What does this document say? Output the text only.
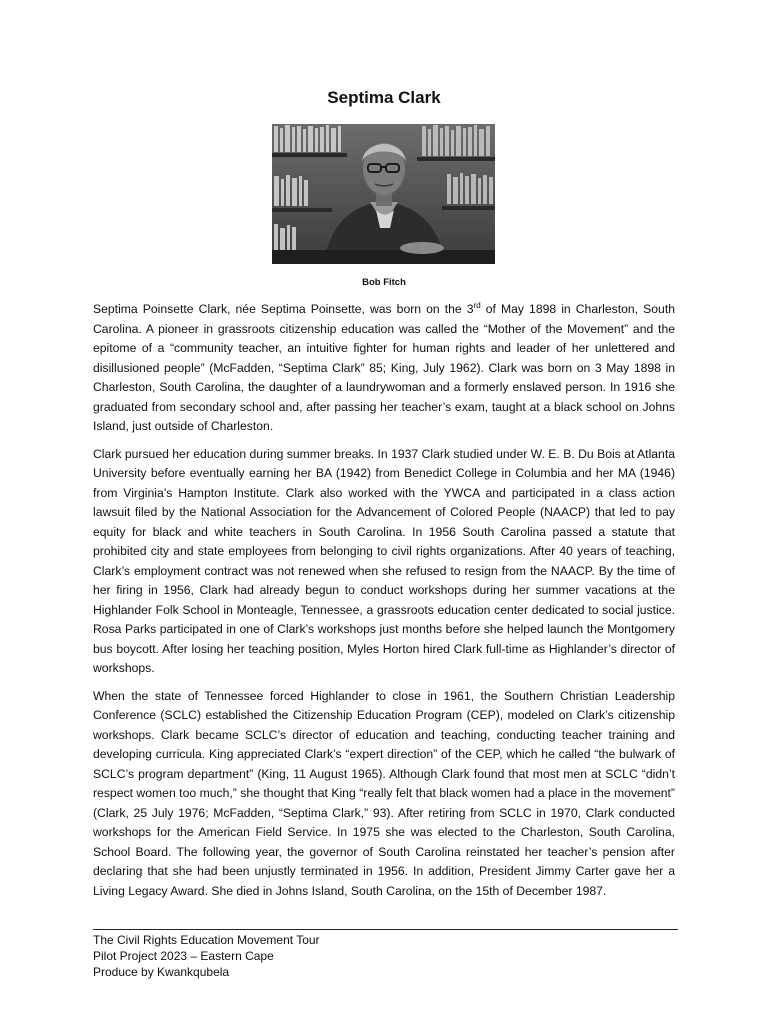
Septima Clark
Bob Fitch

Septima Poinsette Clark, née Septima Poinsette, was born on the 3rd of May 1898 in Charleston, South Carolina. A pioneer in grassroots citizenship education was called the “Mother of the Movement” and the epitome of a “community teacher, an intuitive fighter for human rights and leader of her unlettered and disillusioned people” (McFadden, “Septima Clark” 85; King, July 1962). Clark was born on 3 May 1898 in Charleston, South Carolina, the daughter of a laundrywoman and a formerly enslaved person. In 1916 she graduated from secondary school and, after passing her teacher’s exam, taught at a black school on Johns Island, just outside of Charleston.

Clark pursued her education during summer breaks. In 1937 Clark studied under W. E. B. Du Bois at Atlanta University before eventually earning her BA (1942) from Benedict College in Columbia and her MA (1946) from Virginia’s Hampton Institute. Clark also worked with the YWCA and participated in a class action lawsuit filed by the National Association for the Advancement of Colored People (NAACP) that led to pay equity for black and white teachers in South Carolina. In 1956 South Carolina passed a statute that prohibited city and state employees from belonging to civil rights organizations. After 40 years of teaching, Clark’s employment contract was not renewed when she refused to resign from the NAACP. By the time of her firing in 1956, Clark had already begun to conduct workshops during her summer vacations at the Highlander Folk School in Monteagle, Tennessee, a grassroots education center dedicated to social justice. Rosa Parks participated in one of Clark’s workshops just months before she helped launch the Montgomery bus boycott. After losing her teaching position, Myles Horton hired Clark full-time as Highlander’s director of workshops.

When the state of Tennessee forced Highlander to close in 1961, the Southern Christian Leadership Conference (SCLC) established the Citizenship Education Program (CEP), modeled on Clark’s citizenship workshops. Clark became SCLC’s director of education and teaching, conducting teacher training and developing curricula. King appreciated Clark’s “expert direction” of the CEP, which he called “the bulwark of SCLC’s program department” (King, 11 August 1965). Although Clark found that most men at SCLC “didn’t respect women too much,” she thought that King “really felt that black women had a place in the movement” (Clark, 25 July 1976; McFadden, “Septima Clark,” 93). After retiring from SCLC in 1970, Clark conducted workshops for the American Field Service. In 1975 she was elected to the Charleston, South Carolina, School Board. The following year, the governor of South Carolina reinstated her teacher’s pension after declaring that she had been unjustly terminated in 1956. In addition, President Jimmy Carter gave her a Living Legacy Award. She died in Johns Island, South Carolina, on the 15th of December 1987.

The Civil Rights Education Movement Tour
Pilot Project 2023 – Eastern Cape
Produce by Kwankqubela
